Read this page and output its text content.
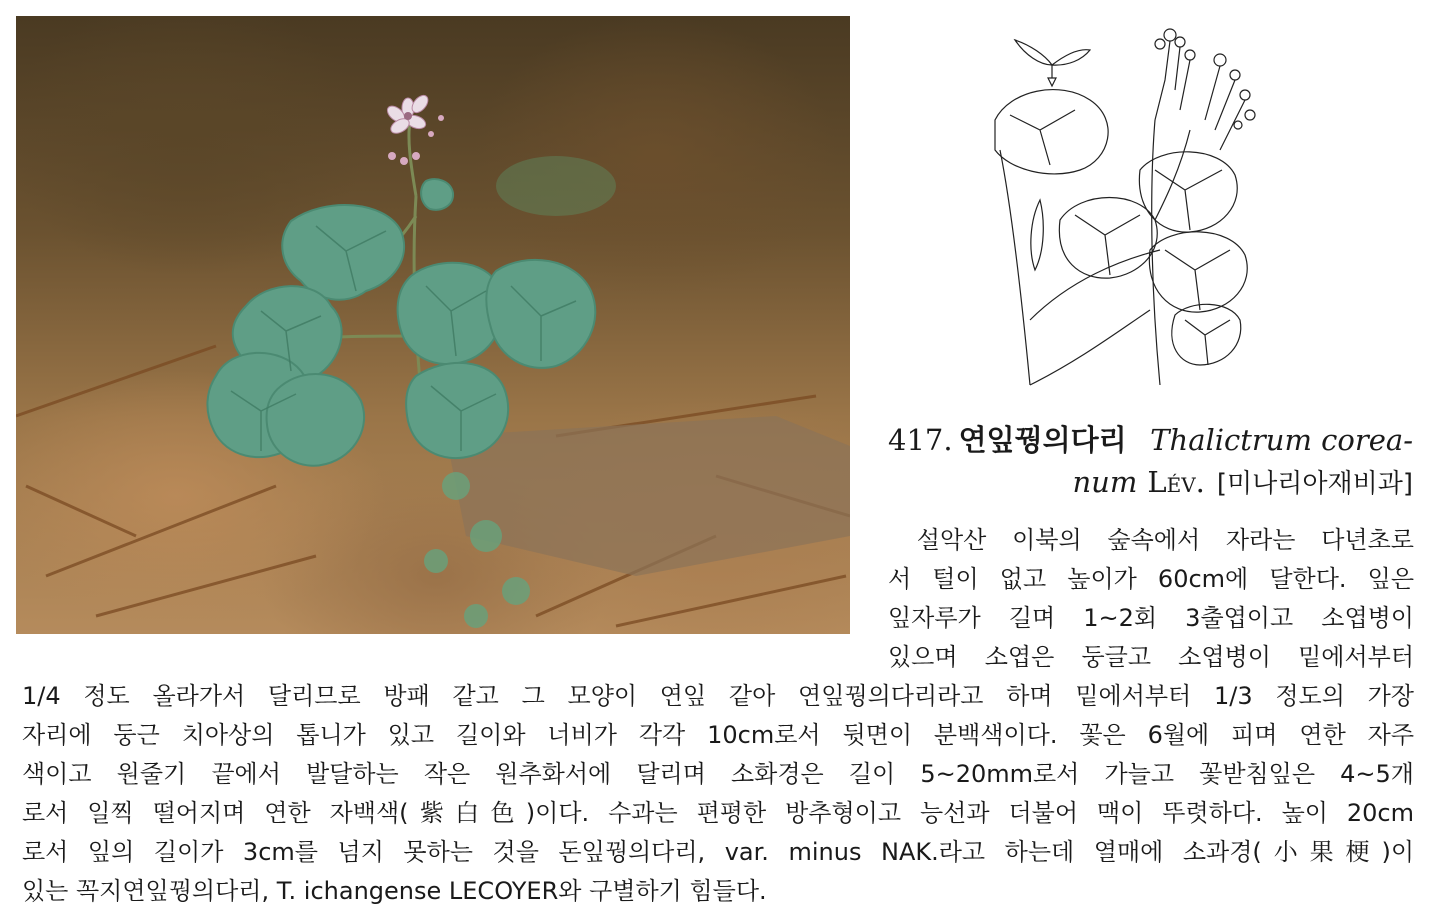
417. 연잎꿩의다리 Thalictrum corea-
num Lév. [미나리아재비과]
설악산 이북의 숲속에서 자라는 다년초로
서 털이 없고 높이가 60cm에 달한다. 잎은
잎자루가 길며 1~2회 3출엽이고 소엽병이
있으며 소엽은 둥글고 소엽병이 밑에서부터
1/4 정도 올라가서 달리므로 방패 같고 그 모양이 연잎 같아 연잎꿩의다리라고 하며 밑에서부터 1/3 정도의 가장
자리에 둥근 치아상의 톱니가 있고 길이와 너비가 각각 10cm로서 뒷면이 분백색이다. 꽃은 6월에 피며 연한 자주
색이고 원줄기 끝에서 발달하는 작은 원추화서에 달리며 소화경은 길이 5~20mm로서 가늘고 꽃받침잎은 4~5개
로서 일찍 떨어지며 연한 자백색(紫白色)이다. 수과는 편평한 방추형이고 능선과 더불어 맥이 뚜렷하다. 높이 20cm
로서 잎의 길이가 3cm를 넘지 못하는 것을 돈잎꿩의다리, var. minus NAK.라고 하는데 열매에 소과경(小果梗)이
있는 꼭지연잎꿩의다리, T. ichangense LECOYER와 구별하기 힘들다.
